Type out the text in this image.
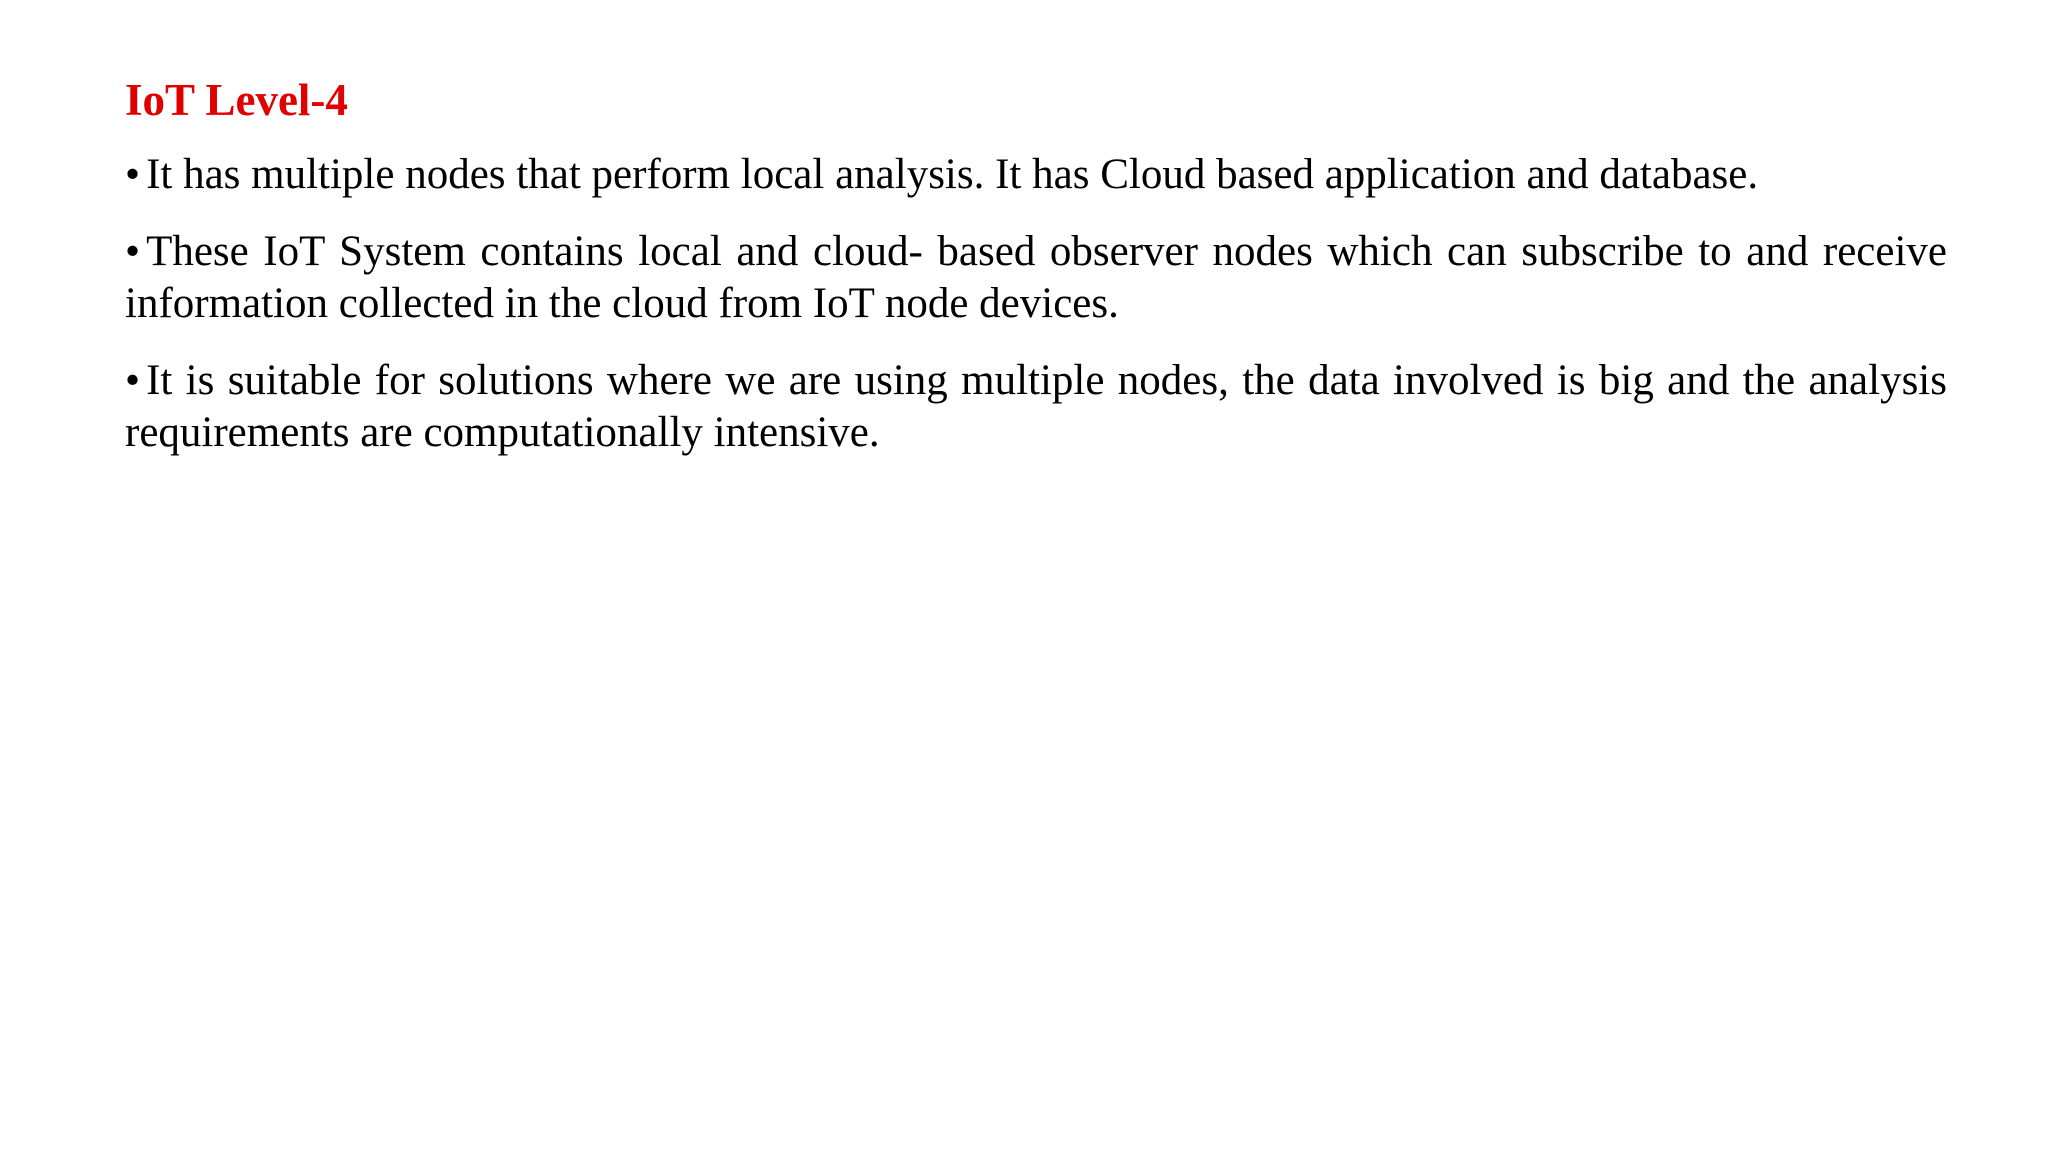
IoT Level-4

• It has multiple nodes that perform local analysis. It has Cloud based application and database.

• These IoT System contains local and cloud- based observer nodes which can subscribe to and receive information collected in the cloud from IoT node devices.

• It is suitable for solutions where we are using multiple nodes, the data involved is big and the analysis requirements are computationally intensive.
